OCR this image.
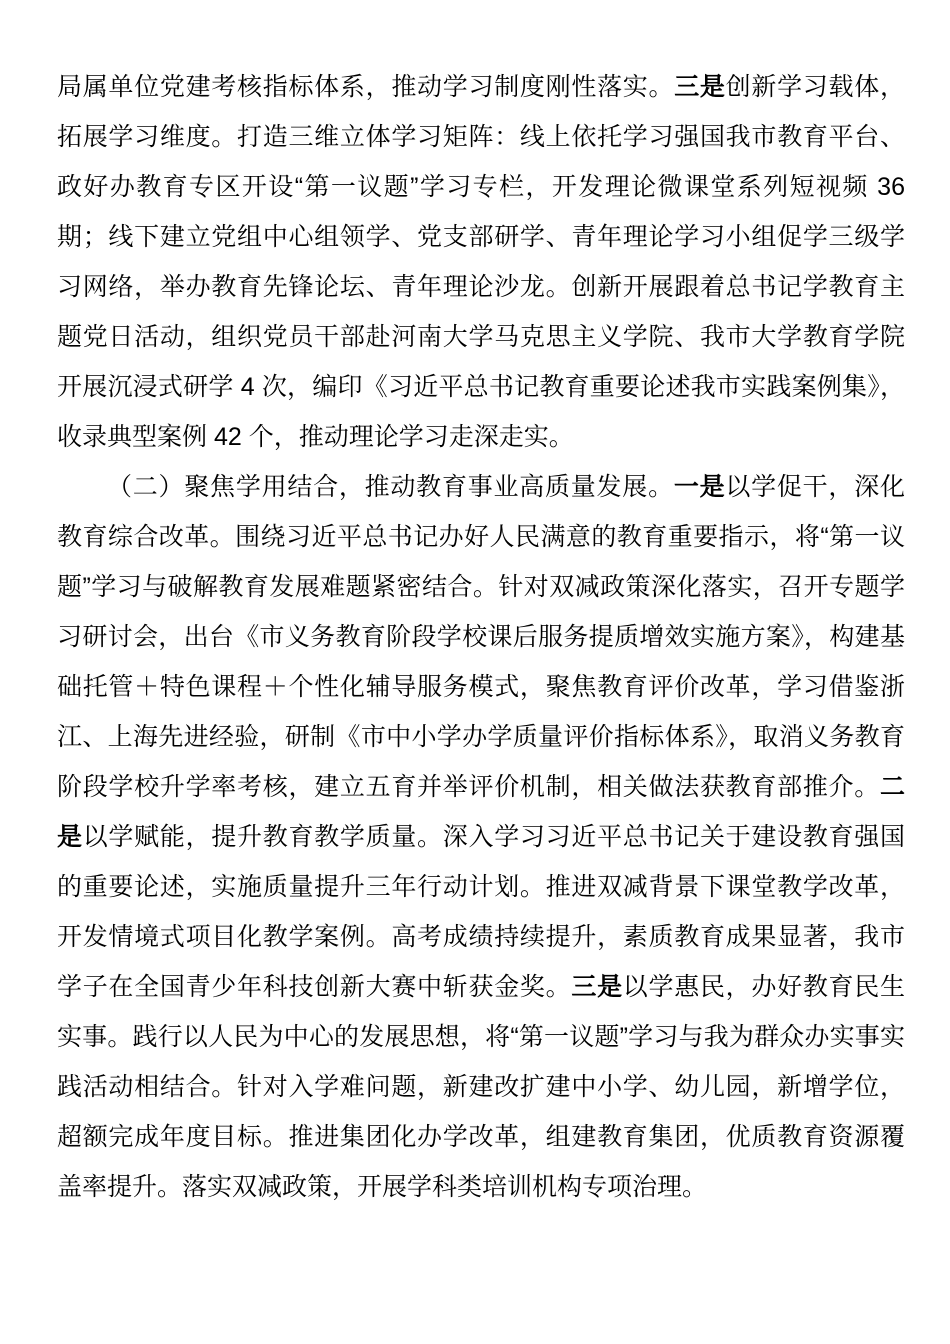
局属单位党建考核指标体系，推动学习制度刚性落实。三是创新学习载体，拓展学习维度。打造三维立体学习矩阵：线上依托学习强国我市教育平台、政好办教育专区开设“第一议题”学习专栏，开发理论微课堂系列短视频 36 期；线下建立党组中心组领学、党支部研学、青年理论学习小组促学三级学习网络，举办教育先锋论坛、青年理论沙龙。创新开展跟着总书记学教育主题党日活动，组织党员干部赴河南大学马克思主义学院、我市大学教育学院开展沉浸式研学 4 次，编印《习近平总书记教育重要论述我市实践案例集》，收录典型案例 42 个，推动理论学习走深走实。

（二）聚焦学用结合，推动教育事业高质量发展。一是以学促干，深化教育综合改革。围绕习近平总书记办好人民满意的教育重要指示，将“第一议题”学习与破解教育发展难题紧密结合。针对双减政策深化落实，召开专题学习研讨会，出台《市义务教育阶段学校课后服务提质增效实施方案》，构建基础托管＋特色课程＋个性化辅导服务模式，聚焦教育评价改革，学习借鉴浙江、上海先进经验，研制《市中小学办学质量评价指标体系》，取消义务教育阶段学校升学率考核，建立五育并举评价机制，相关做法获教育部推介。二是以学赋能，提升教育教学质量。深入学习习近平总书记关于建设教育强国的重要论述，实施质量提升三年行动计划。推进双减背景下课堂教学改革，开发情境式项目化教学案例。高考成绩持续提升，素质教育成果显著，我市学子在全国青少年科技创新大赛中斩获金奖。三是以学惠民，办好教育民生实事。践行以人民为中心的发展思想，将“第一议题”学习与我为群众办实事实践活动相结合。针对入学难问题，新建改扩建中小学、幼儿园，新增学位，超额完成年度目标。推进集团化办学改革，组建教育集团，优质教育资源覆盖率提升。落实双减政策，开展学科类培训机构专项治理。
